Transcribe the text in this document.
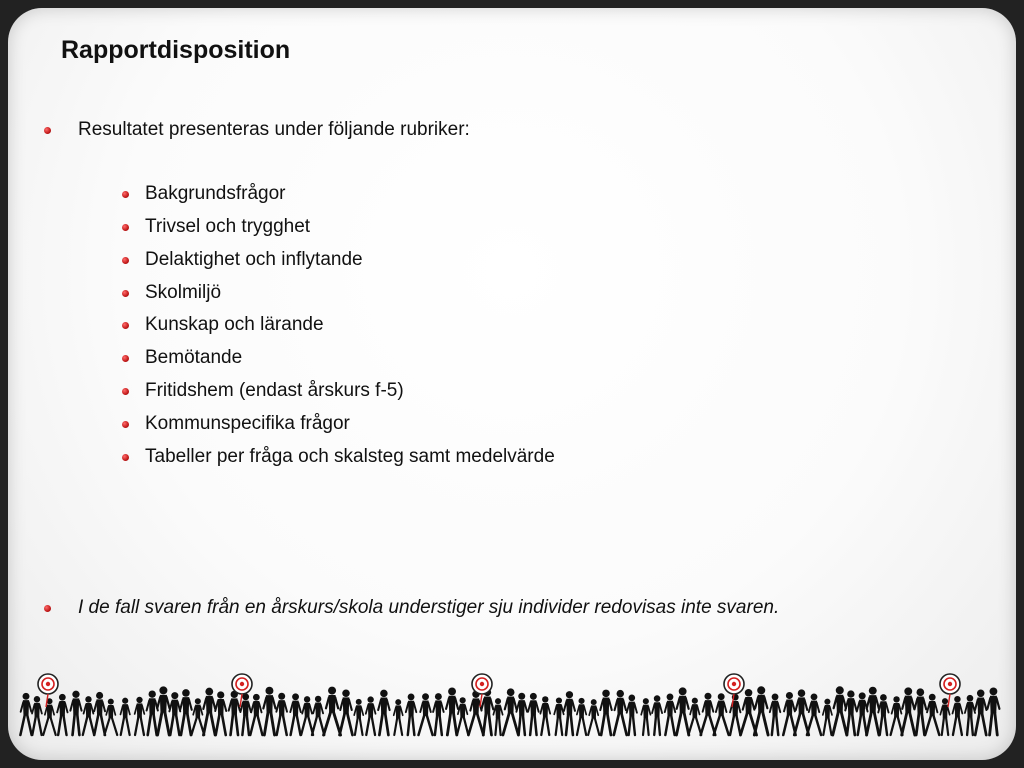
Rapportdisposition
Resultatet presenteras under följande rubriker:
Bakgrundsfrågor
Trivsel och trygghet
Delaktighet och inflytande
Skolmiljö
Kunskap och lärande
Bemötande
Fritidshem (endast årskurs f-5)
Kommunspecifika frågor
Tabeller per fråga och skalsteg samt medelvärde
I de fall svaren från en årskurs/skola understiger sju individer redovisas inte svaren.
